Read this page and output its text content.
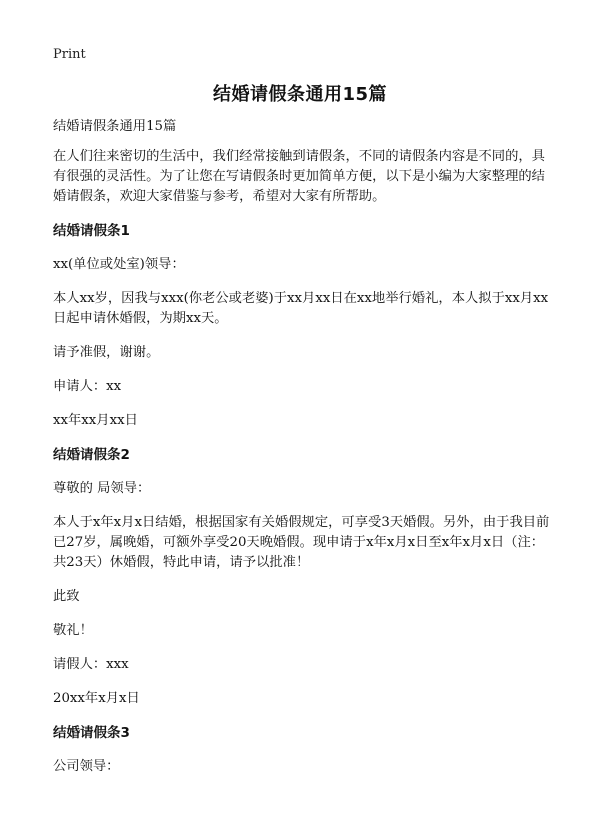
Print
结婚请假条通用15篇

结婚请假条通用15篇

在人们往来密切的生活中，我们经常接触到请假条，不同的请假条内容是不同的，具有很强的灵活性。为了让您在写请假条时更加简单方便，以下是小编为大家整理的结婚请假条，欢迎大家借鉴与参考，希望对大家有所帮助。

结婚请假条1

xx(单位或处室)领导：

本人xx岁，因我与xxx(你老公或老婆)于xx月xx日在xx地举行婚礼，本人拟于xx月xx日起申请休婚假，为期xx天。

请予准假，谢谢。

申请人：xx

xx年xx月xx日

结婚请假条2

尊敬的 局领导：

本人于x年x月x日结婚，根据国家有关婚假规定，可享受3天婚假。另外，由于我目前已27岁，属晚婚，可额外享受20天晚婚假。现申请于x年x月x日至x年x月x日（注：共23天）休婚假，特此申请，请予以批准！

此致

敬礼！

请假人：xxx

20xx年x月x日

结婚请假条3

公司领导：
